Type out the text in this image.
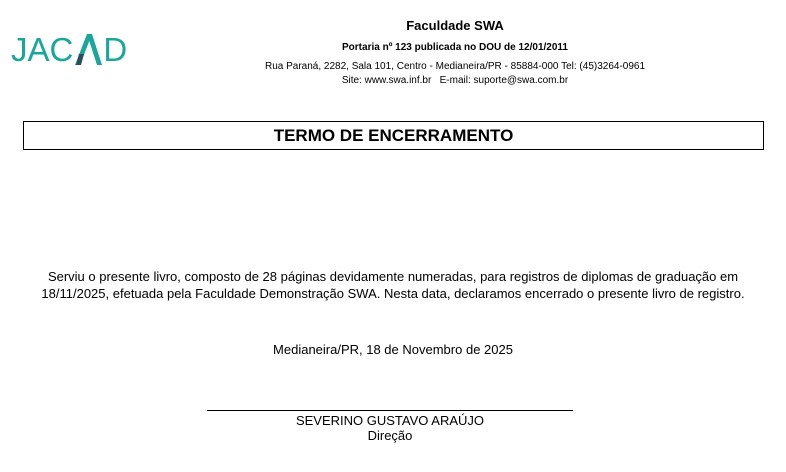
JAC D
Faculdade SWA
Portaria nº 123 publicada no DOU de 12/01/2011
Rua Paraná, 2282, Sala 101, Centro - Medianeira/PR - 85884-000 Tel: (45)3264-0961
Site: www.swa.inf.br   E-mail: suporte@swa.com.br
TERMO DE ENCERRAMENTO
Serviu o presente livro, composto de 28 páginas devidamente numeradas, para registros de diplomas de graduação em 18/11/2025, efetuada pela Faculdade Demonstração SWA. Nesta data, declaramos encerrado o presente livro de registro.
Medianeira/PR, 18 de Novembro de 2025
SEVERINO GUSTAVO ARAÚJO
Direção
